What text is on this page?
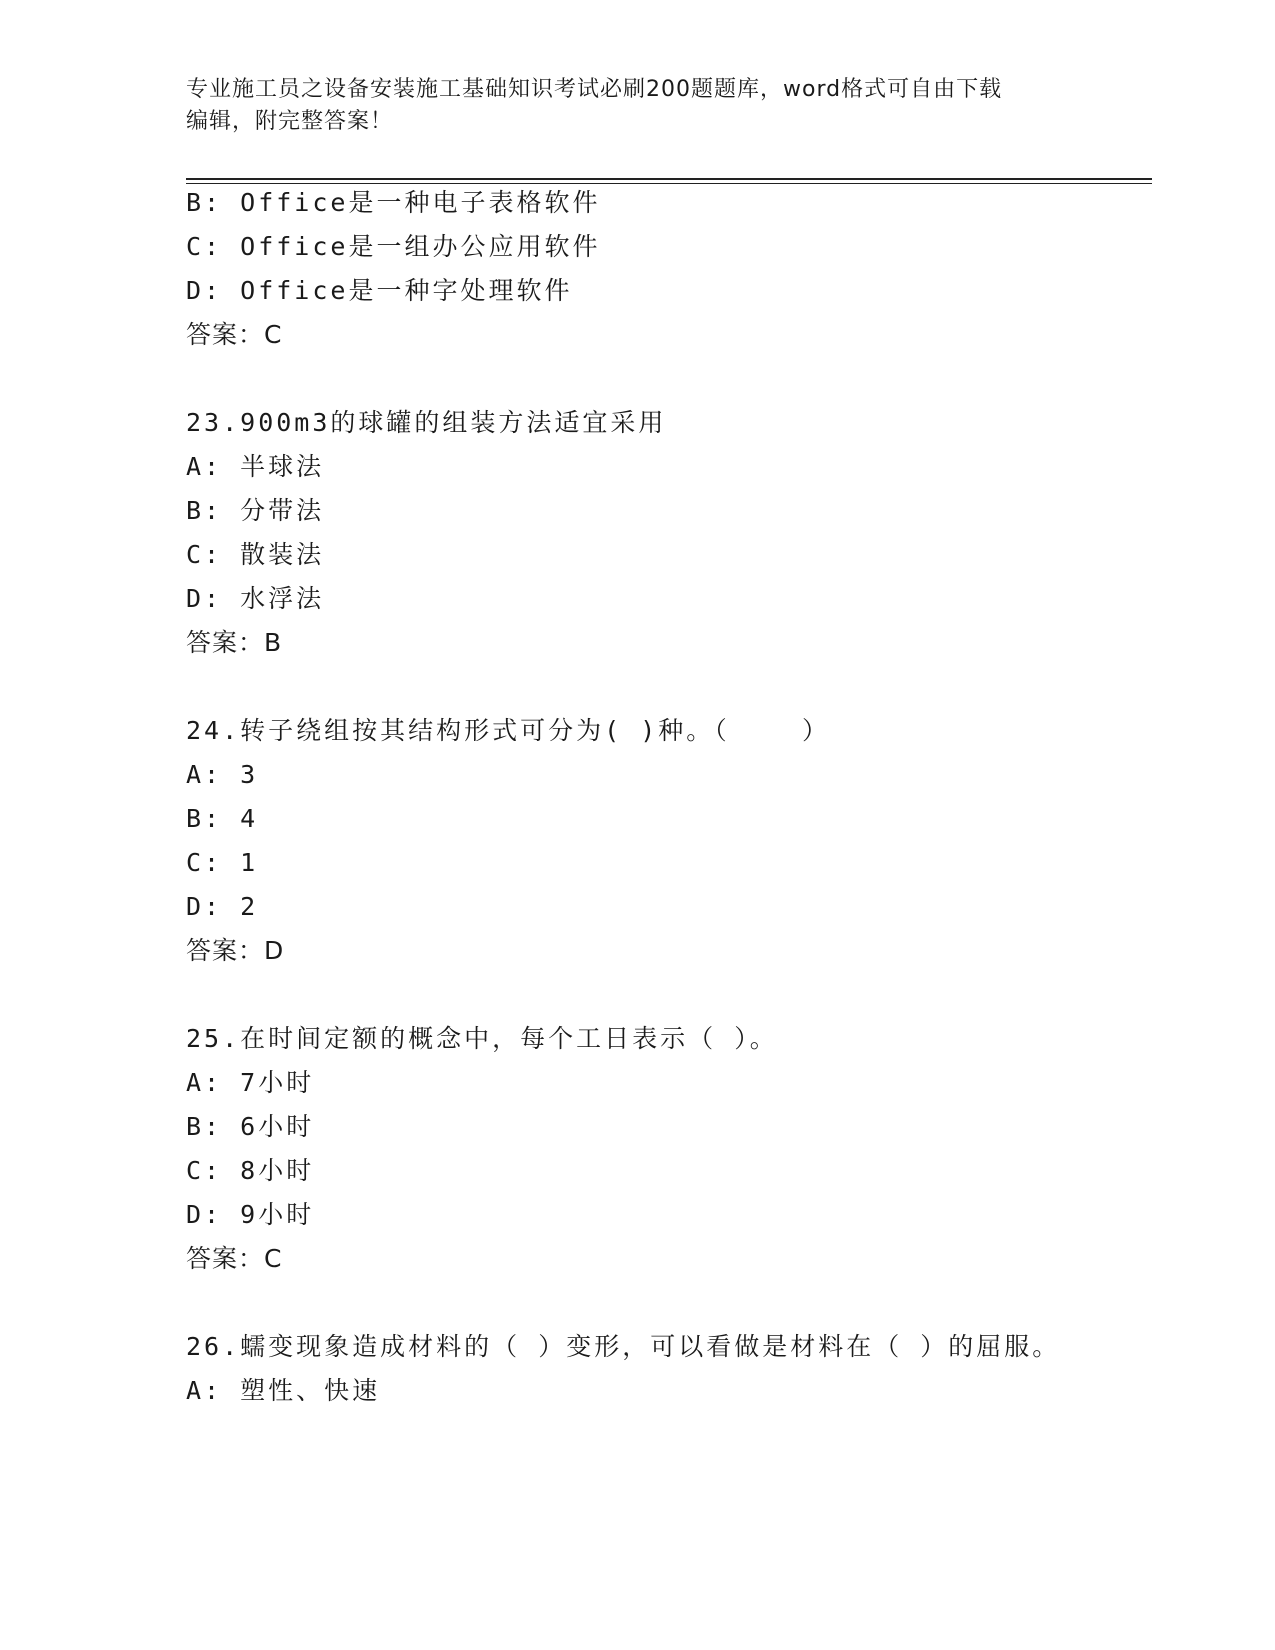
专业施工员之设备安装施工基础知识考试必刷200题题库，word格式可自由下载
编辑，附完整答案！
B: Office是一种电子表格软件
C: Office是一组办公应用软件
D: Office是一种字处理软件
答案：C
23.900m3的球罐的组装方法适宜采用
A: 半球法
B: 分带法
C: 散装法
D: 水浮法
答案：B
24.转子绕组按其结构形式可分为( )种。（    ）
A: 3
B: 4
C: 1
D: 2
答案：D
25.在时间定额的概念中，每个工日表示（ ）。
A: 7小时
B: 6小时
C: 8小时
D: 9小时
答案：C
26.蠕变现象造成材料的（ ）变形，可以看做是材料在（ ）的屈服。
A: 塑性、快速
